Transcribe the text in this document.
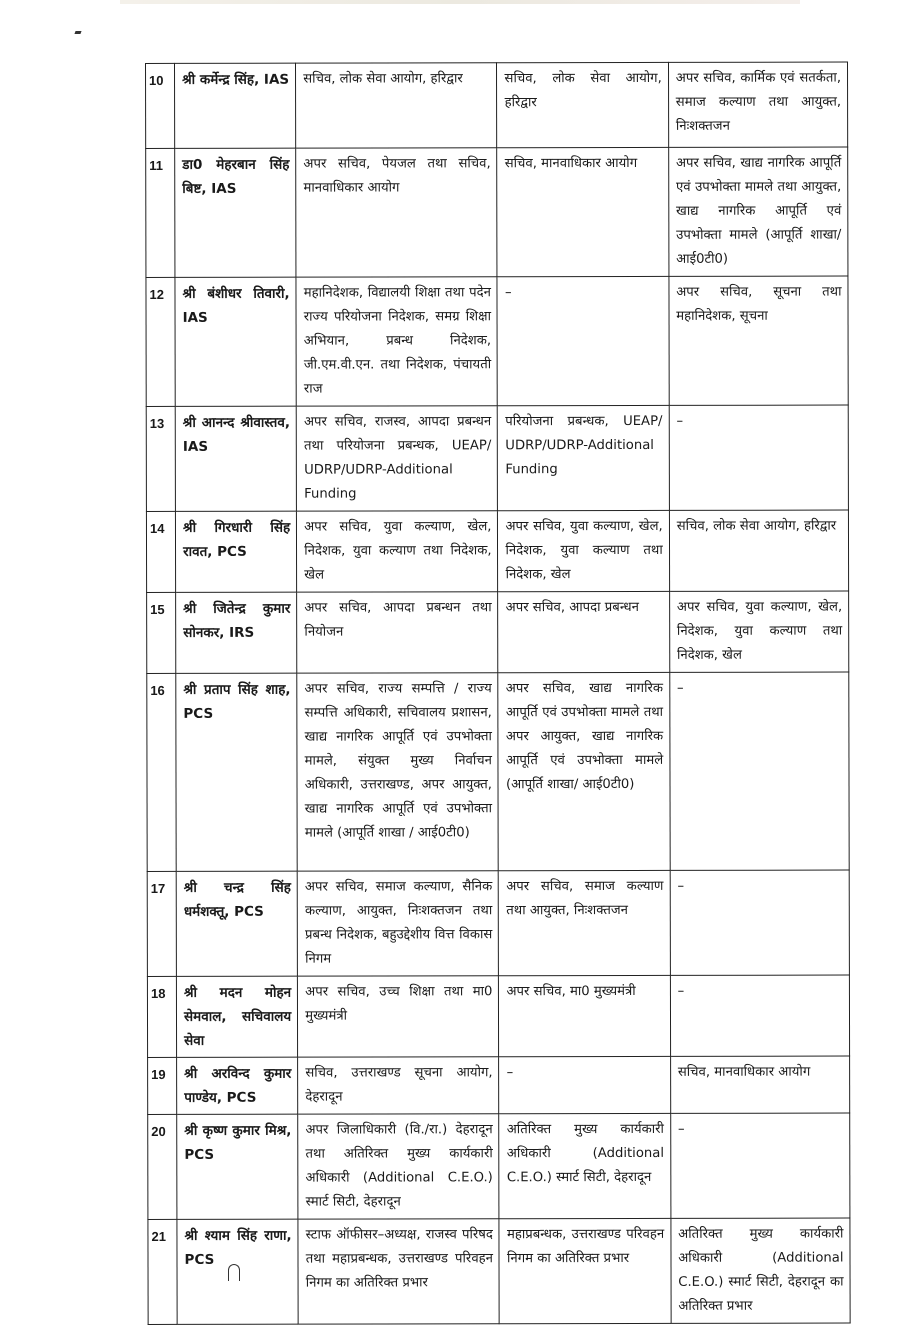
10	श्री कर्मेन्द्र सिंह, IAS	सचिव, लोक सेवा आयोग, हरिद्वार	सचिव, लोक सेवा आयोग, हरिद्वार	अपर सचिव, कार्मिक एवं सतर्कता, समाज कल्याण तथा आयुक्त, निःशक्तजन
11	डा0 मेहरबान सिंह बिष्ट, IAS	अपर सचिव, पेयजल तथा सचिव, मानवाधिकार आयोग	सचिव, मानवाधिकार आयोग	अपर सचिव, खाद्य नागरिक आपूर्ति एवं उपभोक्ता मामले तथा आयुक्त, खाद्य नागरिक आपूर्ति एवं उपभोक्ता मामले (आपूर्ति शाखा/ आई0टी0)
12	श्री बंशीधर तिवारी, IAS	महानिदेशक, विद्यालयी शिक्षा तथा पदेन राज्य परियोजना निदेशक, समग्र शिक्षा अभियान, प्रबन्ध निदेशक, जी.एम.वी.एन. तथा निदेशक, पंचायती राज	–	अपर सचिव, सूचना तथा महानिदेशक, सूचना
13	श्री आनन्द श्रीवास्तव, IAS	अपर सचिव, राजस्व, आपदा प्रबन्धन तथा परियोजना प्रबन्धक, UEAP/ UDRP/UDRP-Additional Funding	परियोजना प्रबन्धक, UEAP/ UDRP/UDRP-Additional Funding	–

14	श्री गिरधारी सिंह रावत, PCS	अपर सचिव, युवा कल्याण, खेल, निदेशक, युवा कल्याण तथा निदेशक, खेल	अपर सचिव, युवा कल्याण, खेल, निदेशक, युवा कल्याण तथा निदेशक, खेल	सचिव, लोक सेवा आयोग, हरिद्वार
15	श्री जितेन्द्र कुमार सोनकर, IRS	अपर सचिव, आपदा प्रबन्धन तथा नियोजन	अपर सचिव, आपदा प्रबन्धन	अपर सचिव, युवा कल्याण, खेल, निदेशक, युवा कल्याण तथा निदेशक, खेल
16	श्री प्रताप सिंह शाह, PCS	अपर सचिव, राज्य सम्पत्ति / राज्य सम्पत्ति अधिकारी, सचिवालय प्रशासन, खाद्य नागरिक आपूर्ति एवं उपभोक्ता मामले, संयुक्त मुख्य निर्वाचन अधिकारी, उत्तराखण्ड, अपर आयुक्त, खाद्य नागरिक आपूर्ति एवं उपभोक्ता मामले (आपूर्ति शाखा / आई0टी0)	अपर सचिव, खाद्य नागरिक आपूर्ति एवं उपभोक्ता मामले तथा अपर आयुक्त, खाद्य नागरिक आपूर्ति एवं उपभोक्ता मामले (आपूर्ति शाखा/ आई0टी0)	–

17	श्री चन्द्र सिंह धर्मशक्तू, PCS	अपर सचिव, समाज कल्याण, सैनिक कल्याण, आयुक्त, निःशक्तजन तथा प्रबन्ध निदेशक, बहुउद्देशीय वित्त विकास निगम	अपर सचिव, समाज कल्याण तथा आयुक्त, निःशक्तजन	–

18	श्री मदन मोहन सेमवाल, सचिवालय सेवा	अपर सचिव, उच्च शिक्षा तथा मा0 मुख्यमंत्री	अपर सचिव, मा0 मुख्यमंत्री	–

19	श्री अरविन्द कुमार पाण्डेय, PCS	सचिव, उत्तराखण्ड सूचना आयोग, देहरादून	–	सचिव, मानवाधिकार आयोग
20	श्री कृष्ण कुमार मिश्र, PCS	अपर जिलाधिकारी (वि./रा.) देहरादून तथा अतिरिक्त मुख्य कार्यकारी अधिकारी (Additional C.E.O.) स्मार्ट सिटी, देहरादून	अतिरिक्त मुख्य कार्यकारी अधिकारी (Additional C.E.O.) स्मार्ट सिटी, देहरादून	–

21	श्री श्याम सिंह राणा, PCS	स्टाफ ऑफीसर–अध्यक्ष, राजस्व परिषद तथा महाप्रबन्धक, उत्तराखण्ड परिवहन निगम का अतिरिक्त प्रभार	महाप्रबन्धक, उत्तराखण्ड परिवहन निगम का अतिरिक्त प्रभार	अतिरिक्त मुख्य कार्यकारी अधिकारी (Additional C.E.O.) स्मार्ट सिटी, देहरादून का अतिरिक्त प्रभार
